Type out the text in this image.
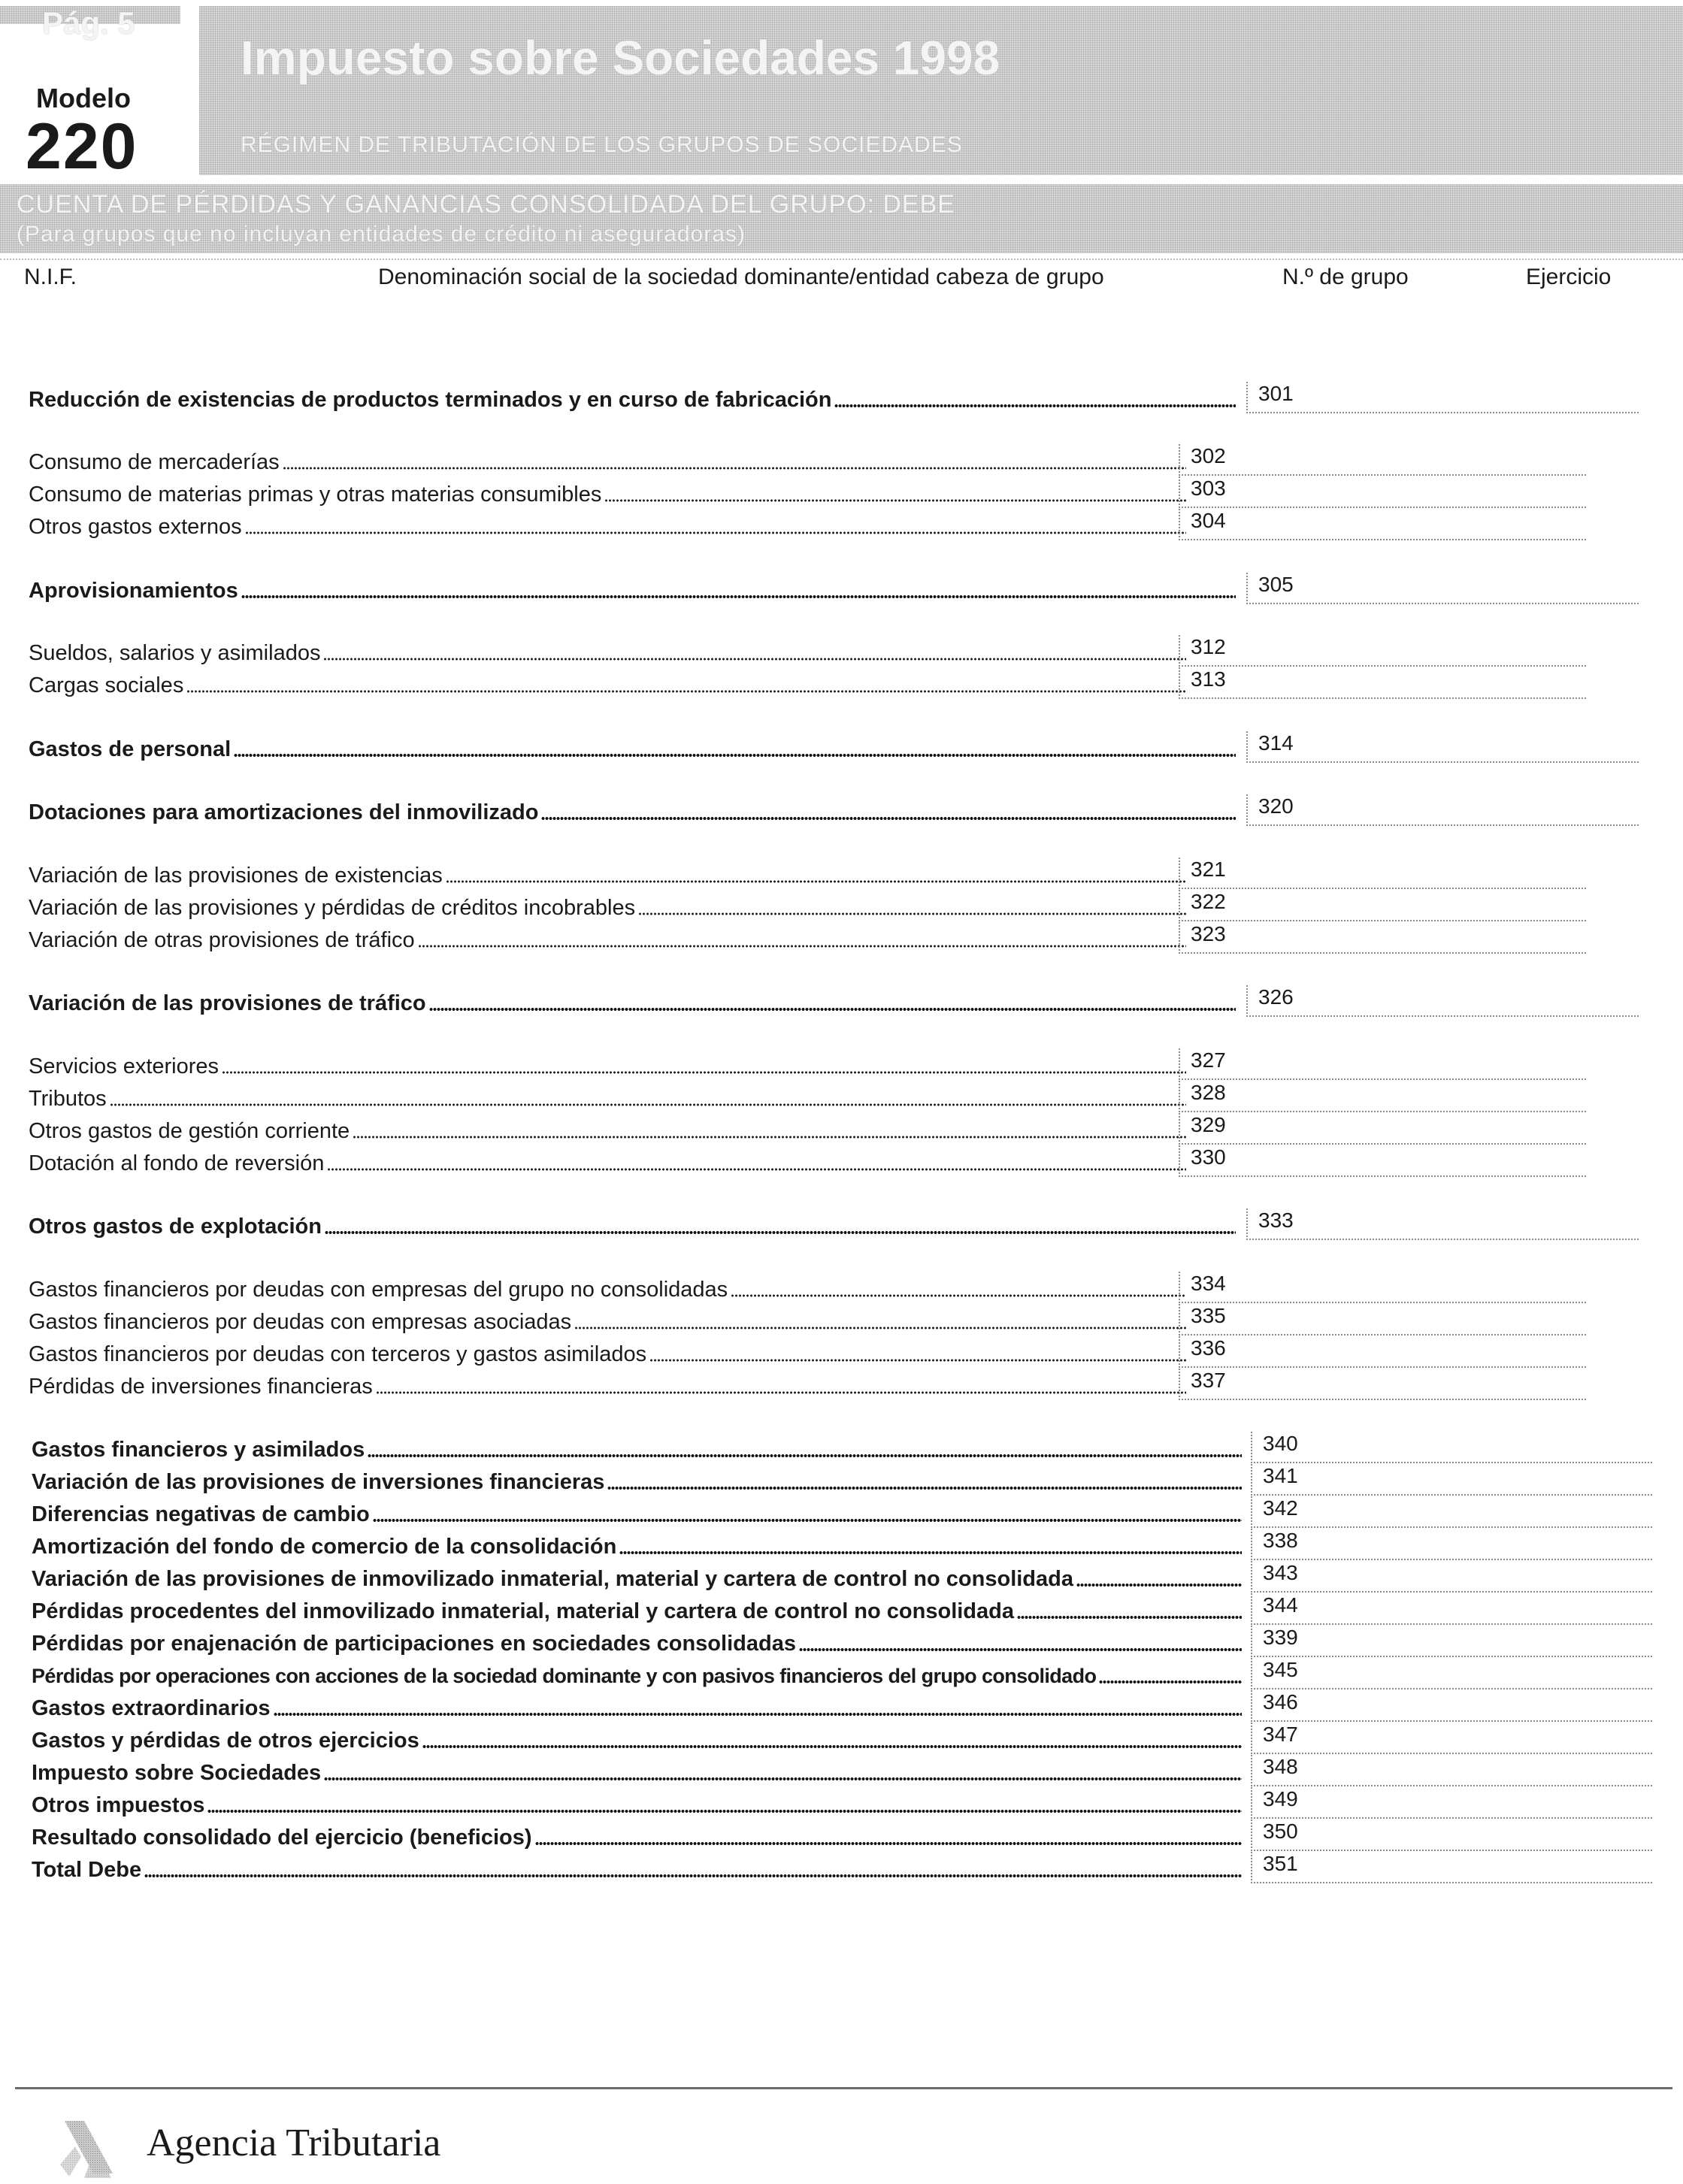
Pág. 5
Modelo
220
Impuesto sobre Sociedades 1998
RÉGIMEN DE TRIBUTACIÓN DE LOS GRUPOS DE SOCIEDADES
CUENTA DE PÉRDIDAS Y GANANCIAS CONSOLIDADA DEL GRUPO: DEBE
(Para grupos que no incluyan entidades de crédito ni aseguradoras)
N.I.F.	Denominación social de la sociedad dominante/entidad cabeza de grupo	N.º de grupo	Ejercicio
Reducción de existencias de productos terminados y en curso de fabricación	301
Consumo de mercaderías	302
Consumo de materias primas y otras materias consumibles	303
Otros gastos externos	304
Aprovisionamientos	305
Sueldos, salarios y asimilados	312
Cargas sociales	313
Gastos de personal	314
Dotaciones para amortizaciones del inmovilizado	320
Variación de las provisiones de existencias	321
Variación de las provisiones y pérdidas de créditos incobrables	322
Variación de otras provisiones de tráfico	323
Variación de las provisiones de tráfico	326
Servicios exteriores	327
Tributos	328
Otros gastos de gestión corriente	329
Dotación al fondo de reversión	330
Otros gastos de explotación	333
Gastos financieros por deudas con empresas del grupo no consolidadas	334
Gastos financieros por deudas con empresas asociadas	335
Gastos financieros por deudas con terceros y gastos asimilados	336
Pérdidas de inversiones financieras	337
Gastos financieros y asimilados	340
Variación de las provisiones de inversiones financieras	341
Diferencias negativas de cambio	342
Amortización del fondo de comercio de la consolidación	338
Variación de las provisiones de inmovilizado inmaterial, material y cartera de control no consolidada	343
Pérdidas procedentes del inmovilizado inmaterial, material y cartera de control no consolidada	344
Pérdidas por enajenación de participaciones en sociedades consolidadas	339
Pérdidas por operaciones con acciones de la sociedad dominante y con pasivos financieros del grupo consolidado	345
Gastos extraordinarios	346
Gastos y pérdidas de otros ejercicios	347
Impuesto sobre Sociedades	348
Otros impuestos	349
Resultado consolidado del ejercicio (beneficios)	350
Total Debe	351
Agencia Tributaria
